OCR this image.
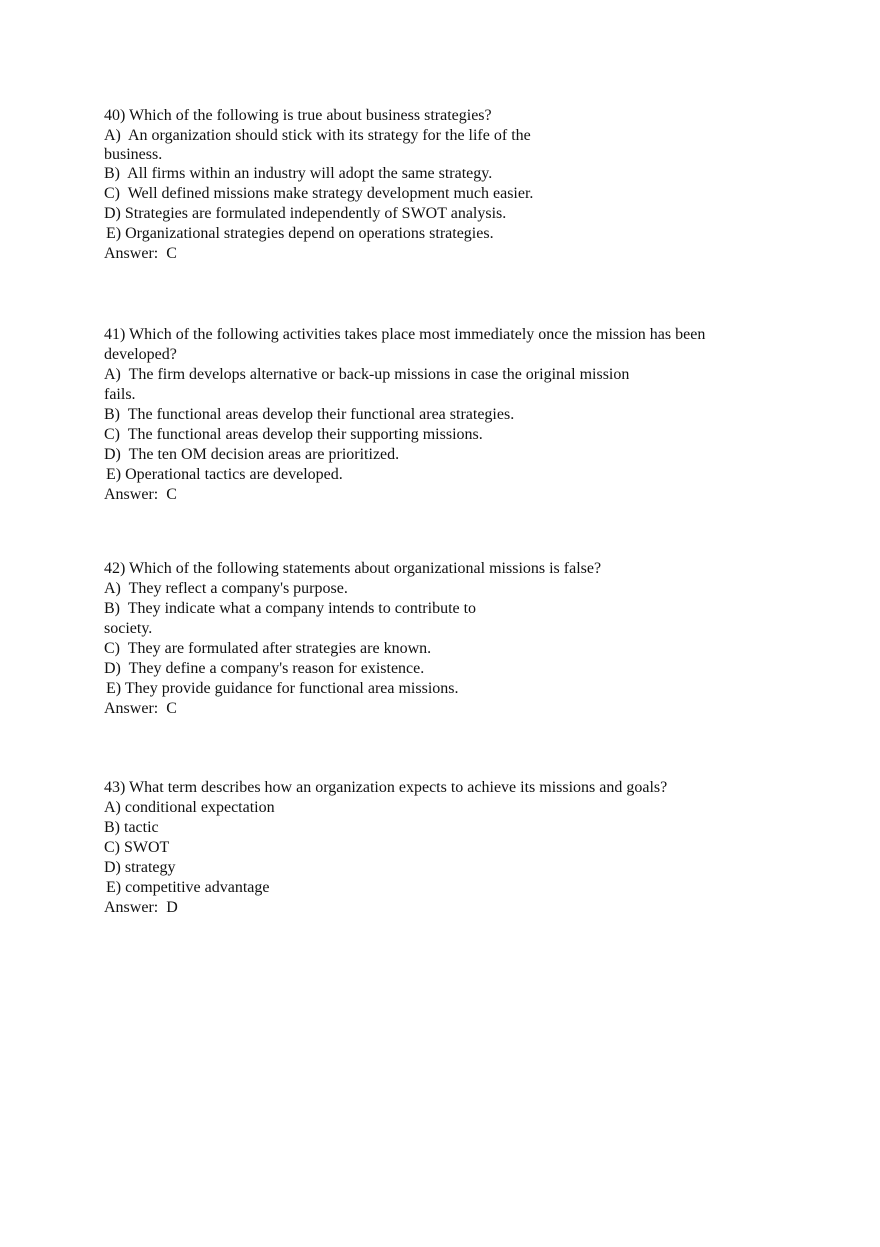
40) Which of the following is true about business strategies?
A)  An organization should stick with its strategy for the life of the
business.
B)  All firms within an industry will adopt the same strategy.
C)  Well defined missions make strategy development much easier.
D) Strategies are formulated independently of SWOT analysis.
E) Organizational strategies depend on operations strategies.
Answer:  C
41) Which of the following activities takes place most immediately once the mission has been
developed?
A)  The firm develops alternative or back-up missions in case the original mission
fails.
B)  The functional areas develop their functional area strategies.
C)  The functional areas develop their supporting missions.
D)  The ten OM decision areas are prioritized.
E) Operational tactics are developed.
Answer:  C
42) Which of the following statements about organizational missions is false?
A)  They reflect a company's purpose.
B)  They indicate what a company intends to contribute to
society.
C)  They are formulated after strategies are known.
D)  They define a company's reason for existence.
E) They provide guidance for functional area missions.
Answer:  C
43) What term describes how an organization expects to achieve its missions and goals?
A) conditional expectation
B) tactic
C) SWOT
D) strategy
E) competitive advantage
Answer:  D
